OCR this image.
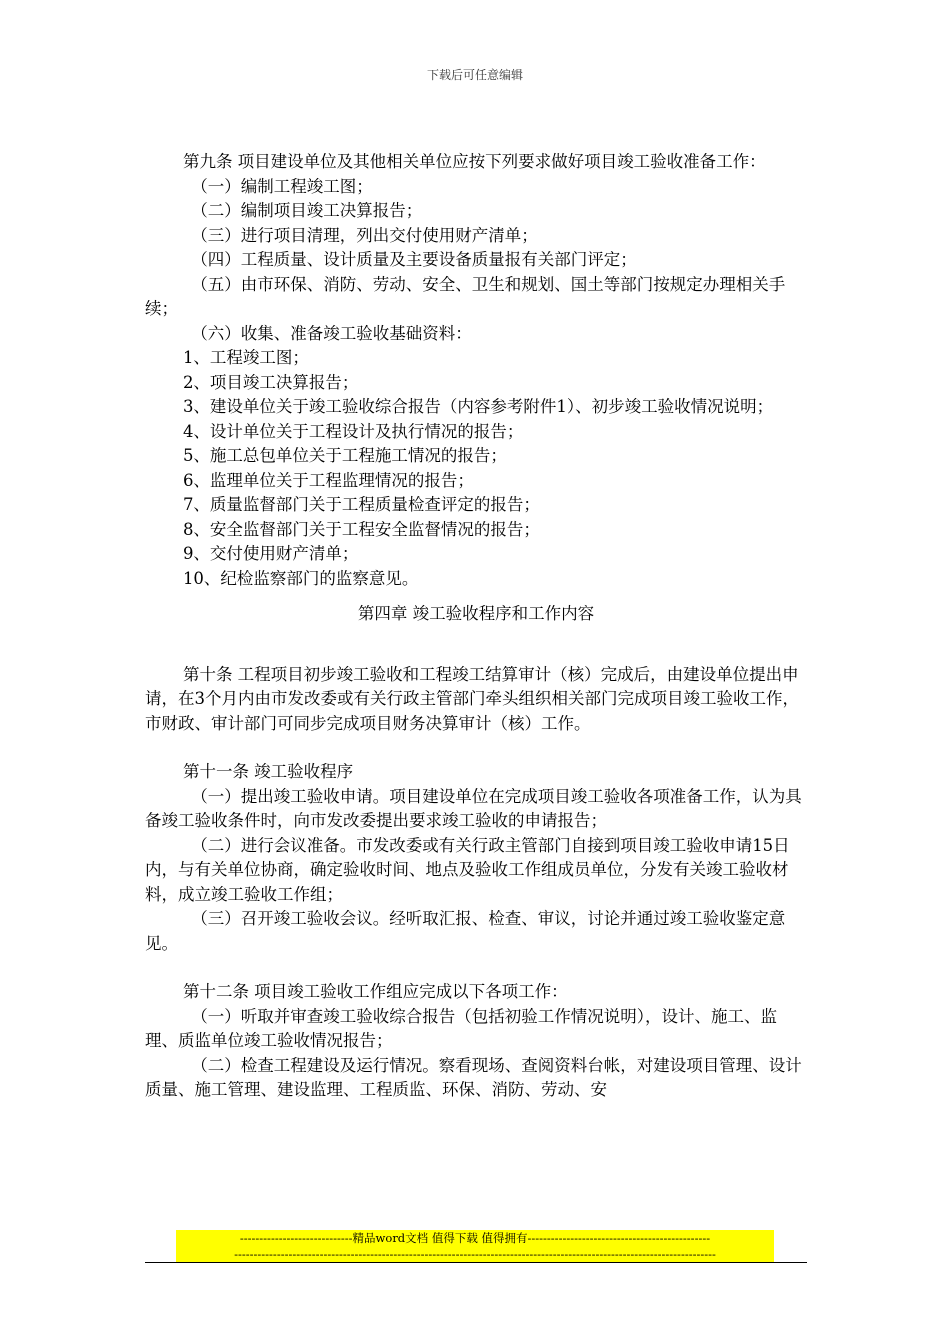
下载后可任意编辑

第九条 项目建设单位及其他相关单位应按下列要求做好项目竣工验收准备工作：

（一）编制工程竣工图；

（二）编制项目竣工决算报告；

（三）进行项目清理，列出交付使用财产清单；

（四）工程质量、设计质量及主要设备质量报有关部门评定；

（五）由市环保、消防、劳动、安全、卫生和规划、国土等部门按规定办理相关手续；

（六）收集、准备竣工验收基础资料：

1、工程竣工图；

2、项目竣工决算报告；

3、建设单位关于竣工验收综合报告（内容参考附件1）、初步竣工验收情况说明；

4、设计单位关于工程设计及执行情况的报告；

5、施工总包单位关于工程施工情况的报告；

6、监理单位关于工程监理情况的报告；

7、质量监督部门关于工程质量检查评定的报告；

8、安全监督部门关于工程安全监督情况的报告；

9、交付使用财产清单；

10、纪检监察部门的监察意见。

第四章 竣工验收程序和工作内容

第十条 工程项目初步竣工验收和工程竣工结算审计（核）完成后，由建设单位提出申请，在3个月内由市发改委或有关行政主管部门牵头组织相关部门完成项目竣工验收工作，市财政、审计部门可同步完成项目财务决算审计（核）工作。

第十一条 竣工验收程序

（一）提出竣工验收申请。项目建设单位在完成项目竣工验收各项准备工作，认为具备竣工验收条件时，向市发改委提出要求竣工验收的申请报告；

（二）进行会议准备。市发改委或有关行政主管部门自接到项目竣工验收申请15日内，与有关单位协商，确定验收时间、地点及验收工作组成员单位，分发有关竣工验收材料，成立竣工验收工作组；

（三）召开竣工验收会议。经听取汇报、检查、审议，讨论并通过竣工验收鉴定意见。

第十二条 项目竣工验收工作组应完成以下各项工作：

（一）听取并审查竣工验收综合报告（包括初验工作情况说明），设计、施工、监理、质监单位竣工验收情况报告；

（二）检查工程建设及运行情况。察看现场、查阅资料台帐，对建设项目管理、设计质量、施工管理、建设监理、工程质监、环保、消防、劳动、安

-----------------------------精品word文档 值得下载 值得拥有-----------------------------------------------
----------------------------------------------------------------------------------------------------------------------------
